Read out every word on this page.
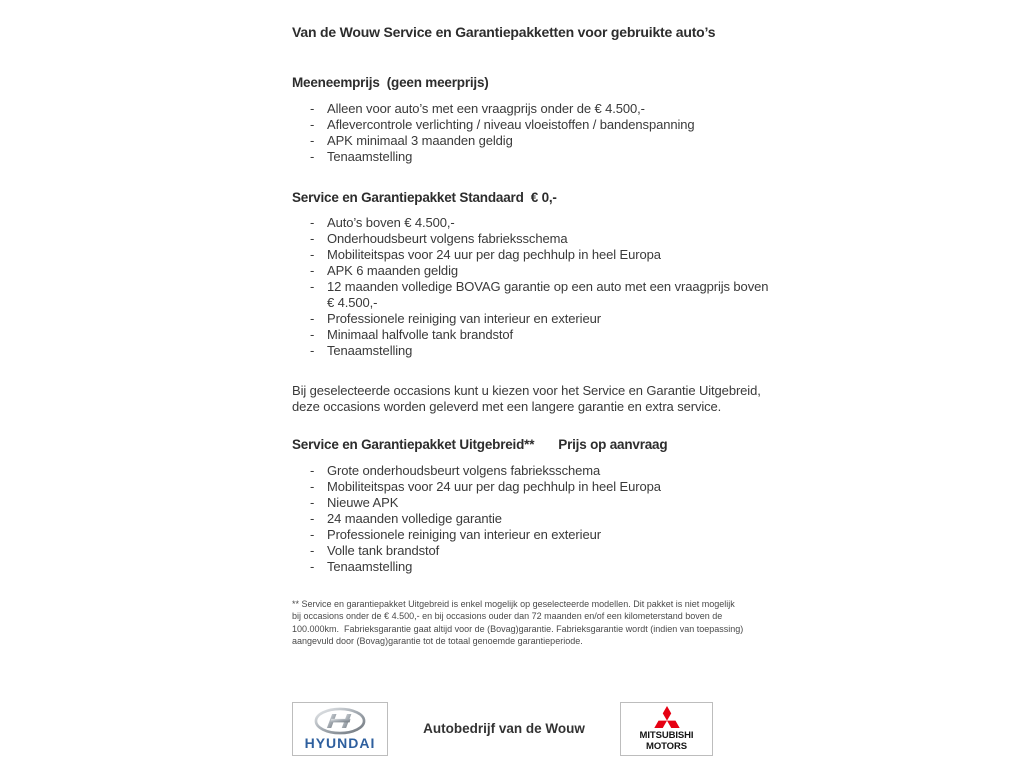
Van de Wouw Service en Garantiepakketten voor gebruikte auto’s
Meeneemprijs  (geen meerprijs)
- Alleen voor auto’s met een vraagprijs onder de € 4.500,-
- Aflevercontrole verlichting / niveau vloeistoffen / bandenspanning
- APK minimaal 3 maanden geldig
- Tenaamstelling
Service en Garantiepakket Standaard  € 0,-
- Auto’s boven € 4.500,-
- Onderhoudsbeurt volgens fabrieksschema
- Mobiliteitspas voor 24 uur per dag pechhulp in heel Europa
- APK 6 maanden geldig
- 12 maanden volledige BOVAG garantie op een auto met een vraagprijs boven
€ 4.500,-
- Professionele reiniging van interieur en exterieur
- Minimaal halfvolle tank brandstof
- Tenaamstelling
Bij geselecteerde occasions kunt u kiezen voor het Service en Garantie Uitgebreid,
deze occasions worden geleverd met een langere garantie en extra service.
Service en Garantiepakket Uitgebreid** Prijs op aanvraag
- Grote onderhoudsbeurt volgens fabrieksschema
- Mobiliteitspas voor 24 uur per dag pechhulp in heel Europa
- Nieuwe APK
- 24 maanden volledige garantie
- Professionele reiniging van interieur en exterieur
- Volle tank brandstof
- Tenaamstelling
** Service en garantiepakket Uitgebreid is enkel mogelijk op geselecteerde modellen. Dit pakket is niet mogelijk
bij occasions onder de € 4.500,- en bij occasions ouder dan 72 maanden en/of een kilometerstand boven de
100.000km.  Fabrieksgarantie gaat altijd voor de (Bovag)garantie. Fabrieksgarantie wordt (indien van toepassing)
aangevuld door (Bovag)garantie tot de totaal genoemde garantieperiode.
HYUNDAI
Autobedrijf van de Wouw	MITSUBISHI
MOTORS
